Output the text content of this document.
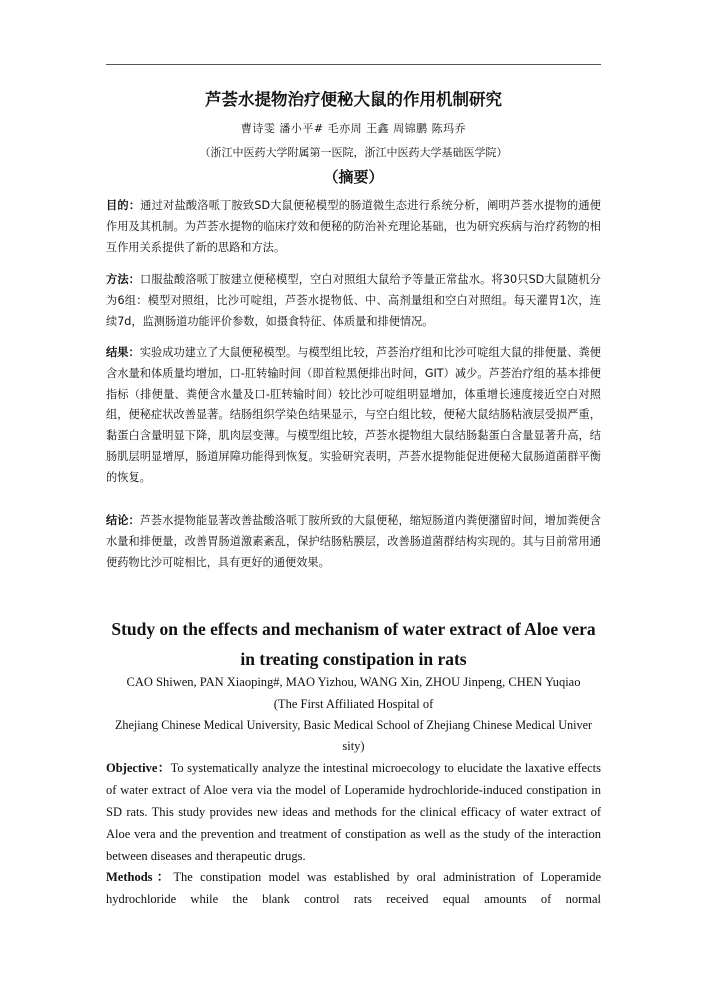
芦荟水提物治疗便秘大鼠的作用机制研究
曹诗雯 潘小平# 毛亦周 王鑫 周锦鹏 陈玛乔
（浙江中医药大学附属第一医院，浙江中医药大学基础医学院）
（摘要）
目的：通过对盐酸洛哌丁胺致SD大鼠便秘模型的肠道微生态进行系统分析，阐明芦荟水提物的通便作用及其机制。为芦荟水提物的临床疗效和便秘的防治补充理论基础，也为研究疾病与治疗药物的相互作用关系提供了新的思路和方法。
方法：口服盐酸洛哌丁胺建立便秘模型，空白对照组大鼠给予等量正常盐水。将30只SD大鼠随机分为6组：模型对照组，比沙可啶组，芦荟水提物低、中、高剂量组和空白对照组。每天灌胃1次，连续7d，监测肠道功能评价参数，如摄食特征、体质量和排便情况。
结果：实验成功建立了大鼠便秘模型。与模型组比较，芦荟治疗组和比沙可啶组大鼠的排便量、粪便含水量和体质量均增加，口-肛转输时间（即首粒黑便排出时间，GIT）减少。芦荟治疗组的基本排便指标（排便量、粪便含水量及口-肛转输时间）较比沙可啶组明显增加，体重增长速度接近空白对照组，便秘症状改善显著。结肠组织学染色结果显示，与空白组比较，便秘大鼠结肠粘液层受损严重，黏蛋白含量明显下降，肌肉层变薄。与模型组比较，芦荟水提物组大鼠结肠黏蛋白含量显著升高，结肠肌层明显增厚，肠道屏障功能得到恢复。实验研究表明，芦荟水提物能促进便秘大鼠肠道菌群平衡的恢复。
结论：芦荟水提物能显著改善盐酸洛哌丁胺所致的大鼠便秘，缩短肠道内粪便潴留时间，增加粪便含水量和排便量，改善胃肠道激素紊乱，保护结肠粘膜层，改善肠道菌群结构实现的。其与目前常用通便药物比沙可啶相比，具有更好的通便效果。
Study on the effects and mechanism of water extract of Aloe vera in treating constipation in rats
CAO Shiwen, PAN Xiaoping#, MAO Yizhou, WANG Xin, ZHOU Jinpeng, CHEN Yuqiao
(The First Affiliated Hospital of
Zhejiang Chinese Medical University, Basic Medical School of Zhejiang Chinese Medical Univer
sity)
Objective：To systematically analyze the intestinal microecology to elucidate the laxative effects of water extract of Aloe vera via the model of Loperamide hydrochloride-induced constipation in SD rats. This study provides new ideas and methods for the clinical efficacy of water extract of Aloe vera and the prevention and treatment of constipation as well as the study of the interaction between diseases and therapeutic drugs.
Methods：The constipation model was established by oral administration of Loperamide hydrochloride while the blank control rats received equal amounts of normal
